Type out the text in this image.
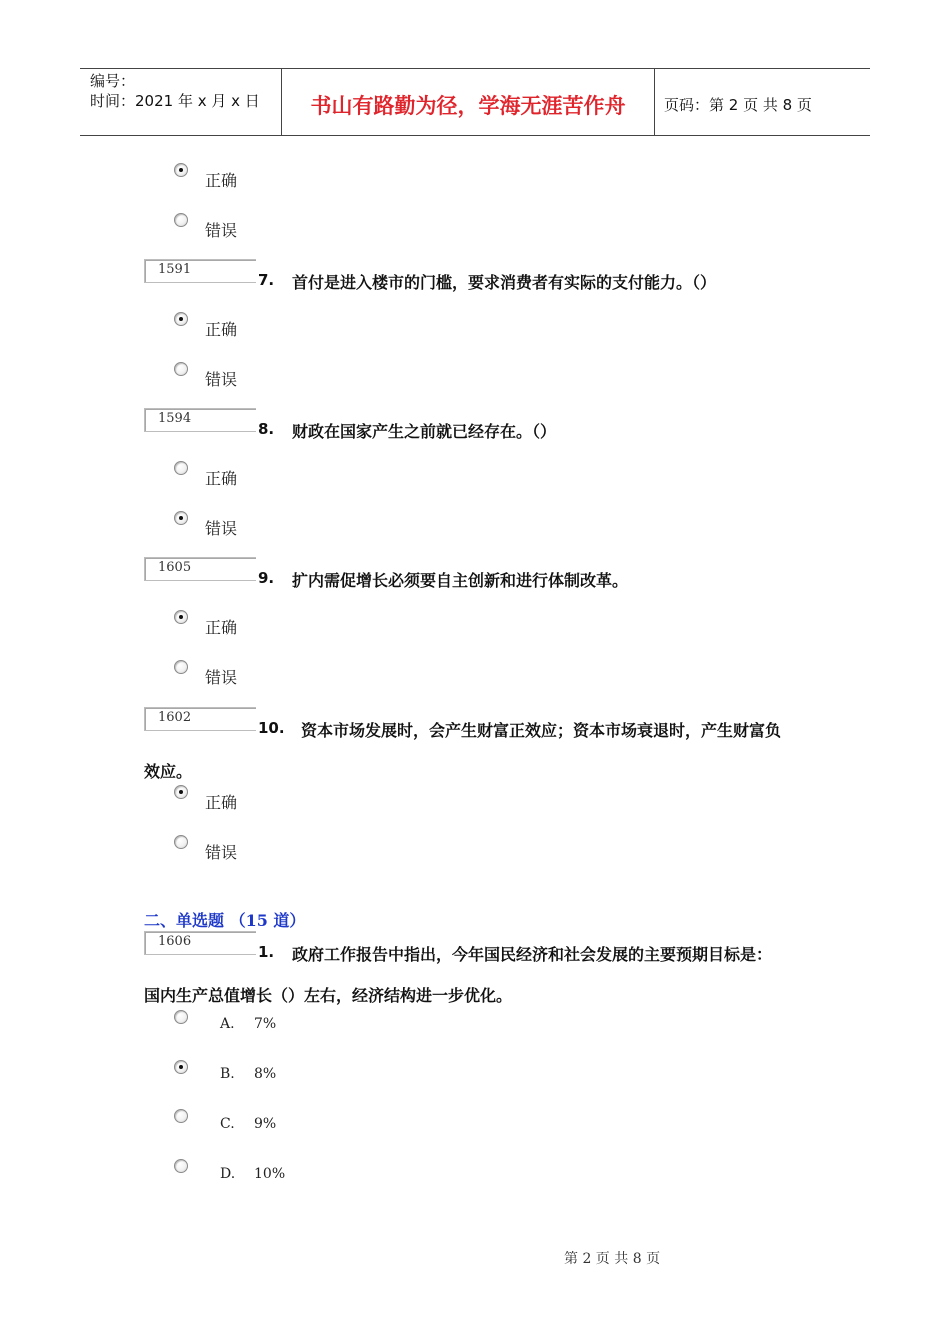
编号：
时间：2021 年 x 月 x 日	书山有路勤为径，学海无涯苦作舟	页码：第 2 页 共 8 页
正确
错误
1591
7. 首付是进入楼市的门槛，要求消费者有实际的支付能力。（）
正确
错误
1594
8. 财政在国家产生之前就已经存在。（）
正确
错误
1605
9. 扩内需促增长必须要自主创新和进行体制改革。
正确
错误
1602
10. 资本市场发展时，会产生财富正效应；资本市场衰退时，产生财富负
效应。
正确
错误
二、单选题 （15 道）
1606
1. 政府工作报告中指出，今年国民经济和社会发展的主要预期目标是：
国内生产总值增长（）左右，经济结构进一步优化。
A. 7%
B. 8%
C. 9%
D. 10%
第 2 页 共 8 页
